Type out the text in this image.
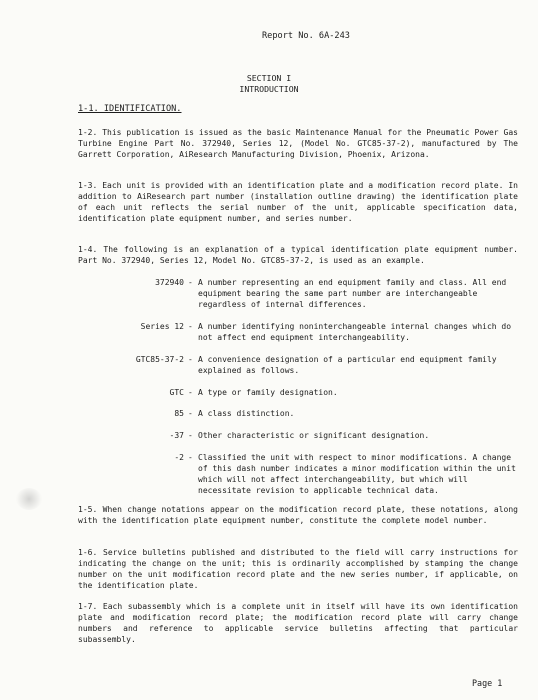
Report No. 6A-243
SECTION I
INTRODUCTION
1-1. IDENTIFICATION.
1-2. This publication is issued as the basic Maintenance Manual for the Pneumatic Power Gas Turbine Engine Part No. 372940, Series 12, (Model No. GTC85-37-2), manufactured by The Garrett Corporation, AiResearch Manufacturing Division, Phoenix, Arizona.
1-3. Each unit is provided with an identification plate and a modification record plate. In addition to AiResearch part number (installation outline drawing) the identification plate of each unit reflects the serial number of the unit, applicable specification data, identification plate equipment number, and series number.
1-4. The following is an explanation of a typical identification plate equipment number. Part No. 372940, Series 12, Model No. GTC85-37-2, is used as an example.
372940 - A number representing an end equipment family and class. All end equipment bearing the same part number are interchangeable regardless of internal differences.
Series 12 - A number identifying noninterchangeable internal changes which do not affect end equipment interchangeability.
GTC85-37-2 - A convenience designation of a particular end equipment family explained as follows.
GTC - A type or family designation.
85 - A class distinction.
-37 - Other characteristic or significant designation.
-2 - Classified the unit with respect to minor modifications. A change of this dash number indicates a minor modification within the unit which will not affect interchangeability, but which will necessitate revision to applicable technical data.
1-5. When change notations appear on the modification record plate, these notations, along with the identification plate equipment number, constitute the complete model number.
1-6. Service bulletins published and distributed to the field will carry instructions for indicating the change on the unit; this is ordinarily accomplished by stamping the change number on the unit modification record plate and the new series number, if applicable, on the identification plate.
1-7. Each subassembly which is a complete unit in itself will have its own identification plate and modification record plate; the modification record plate will carry change numbers and reference to applicable service bulletins affecting that particular subassembly.
Page 1
